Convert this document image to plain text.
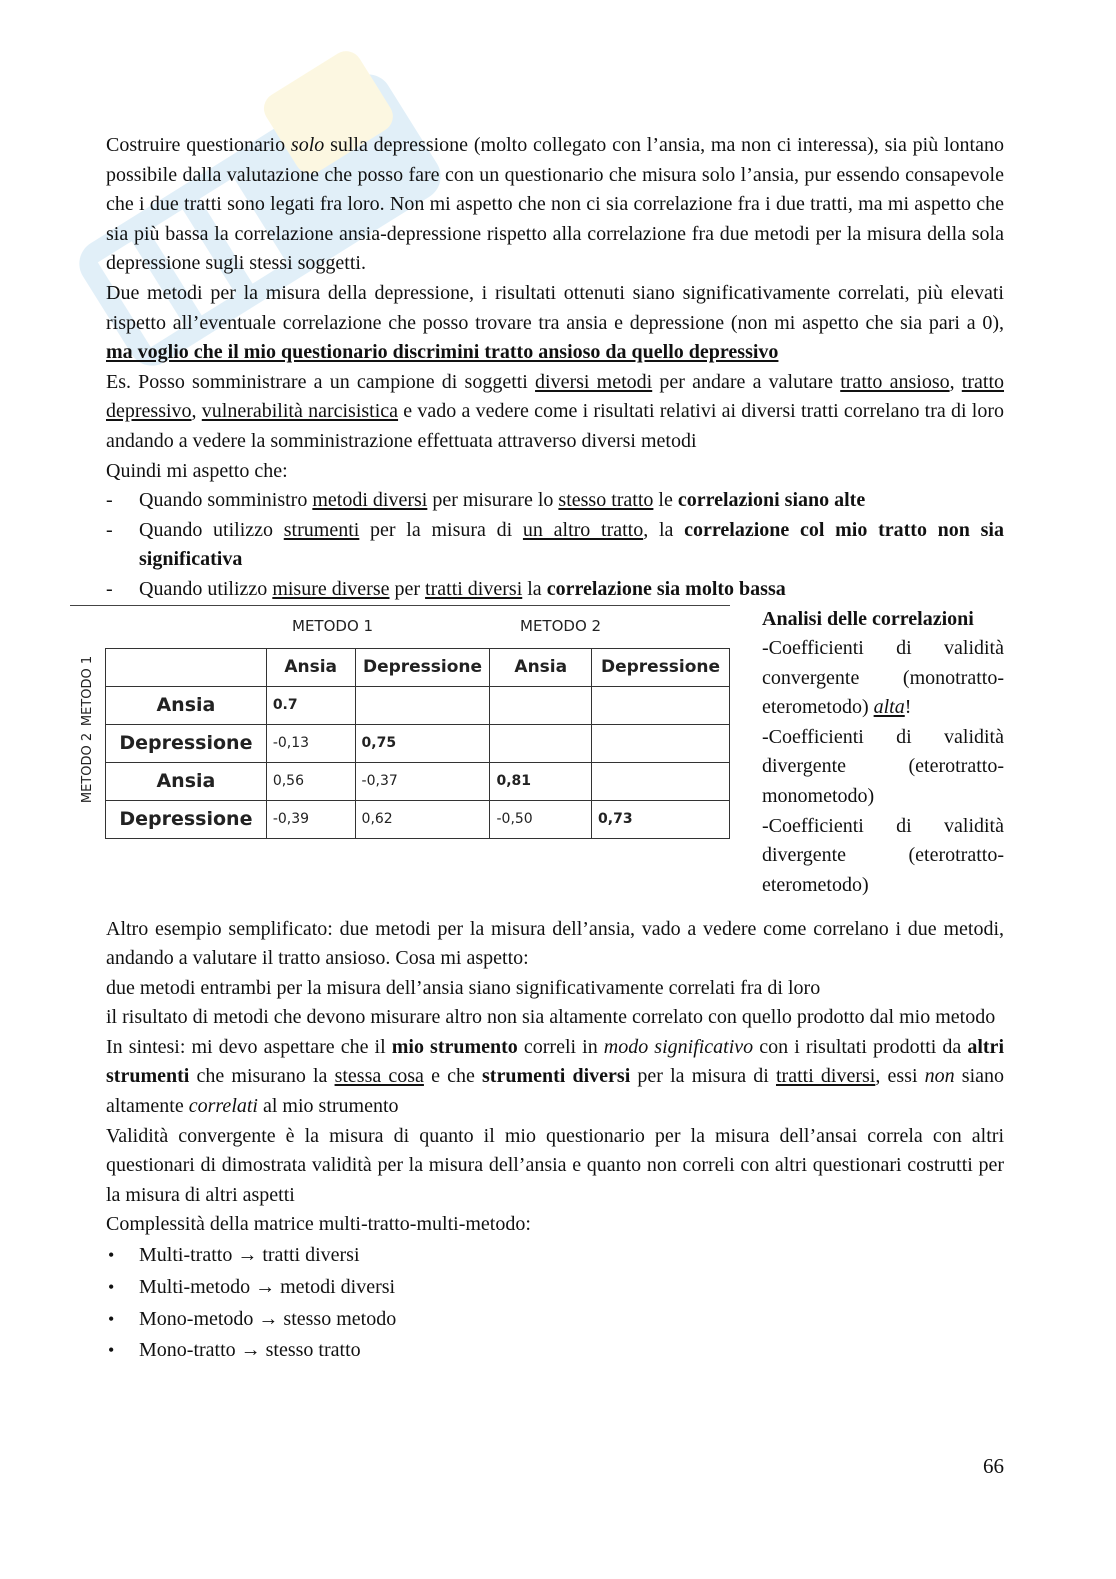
Costruire questionario solo sulla depressione (molto collegato con l’ansia, ma non ci interessa), sia più lontano possibile dalla valutazione che posso fare con un questionario che misura solo l’ansia, pur essendo consapevole che i due tratti sono legati fra loro. Non mi aspetto che non ci sia correlazione fra i due tratti, ma mi aspetto che sia più bassa la correlazione ansia-depressione rispetto alla correlazione fra due metodi per la misura della sola depressione sugli stessi soggetti.

Due metodi per la misura della depressione, i risultati ottenuti siano significativamente correlati, più elevati rispetto all’eventuale correlazione che posso trovare tra ansia e depressione (non mi aspetto che sia pari a 0), ma voglio che il mio questionario discrimini tratto ansioso da quello depressivo

Es. Posso somministrare a un campione di soggetti diversi metodi per andare a valutare tratto ansioso, tratto depressivo, vulnerabilità narcisistica e vado a vedere come i risultati relativi ai diversi tratti correlano tra di loro andando a vedere la somministrazione effettuata attraverso diversi metodi

Quindi mi aspetto che:

- Quando somministro metodi diversi per misurare lo stesso tratto le correlazioni siano alte
- Quando utilizzo strumenti per la misura di un altro tratto, la correlazione col mio tratto non sia significativa
- Quando utilizzo misure diverse per tratti diversi la correlazione sia molto bassa
METODO 1	METODO 2
METODO 1
METODO 2
	Ansia	Depressione	Ansia	Depressione
Ansia	0.7			
Depressione	-0,13	0,75		
Ansia	0,56	-0,37	0,81	
Depressione	-0,39	0,62	-0,50	0,73
Analisi delle correlazioni

-Coefficienti di validità convergente (monotratto-eterometodo) alta!

-Coefficienti di validità divergente (eterotratto-monometodo)

-Coefficienti di validità divergente (eterotratto-eterometodo)

Altro esempio semplificato: due metodi per la misura dell’ansia, vado a vedere come correlano i due metodi, andando a valutare il tratto ansioso. Cosa mi aspetto:

due metodi entrambi per la misura dell’ansia siano significativamente correlati fra di loro

il risultato di metodi che devono misurare altro non sia altamente correlato con quello prodotto dal mio metodo

In sintesi: mi devo aspettare che il mio strumento correli in modo significativo con i risultati prodotti da altri strumenti che misurano la stessa cosa e che strumenti diversi per la misura di tratti diversi, essi non siano altamente correlati al mio strumento

Validità convergente è la misura di quanto il mio questionario per la misura dell’ansai correla con altri questionari di dimostrata validità per la misura dell’ansia e quanto non correli con altri questionari costrutti per la misura di altri aspetti

Complessità della matrice multi-tratto-multi-metodo:

• Multi-tratto → tratti diversi
• Multi-metodo → metodi diversi
• Mono-metodo → stesso metodo
• Mono-tratto → stesso tratto
66
